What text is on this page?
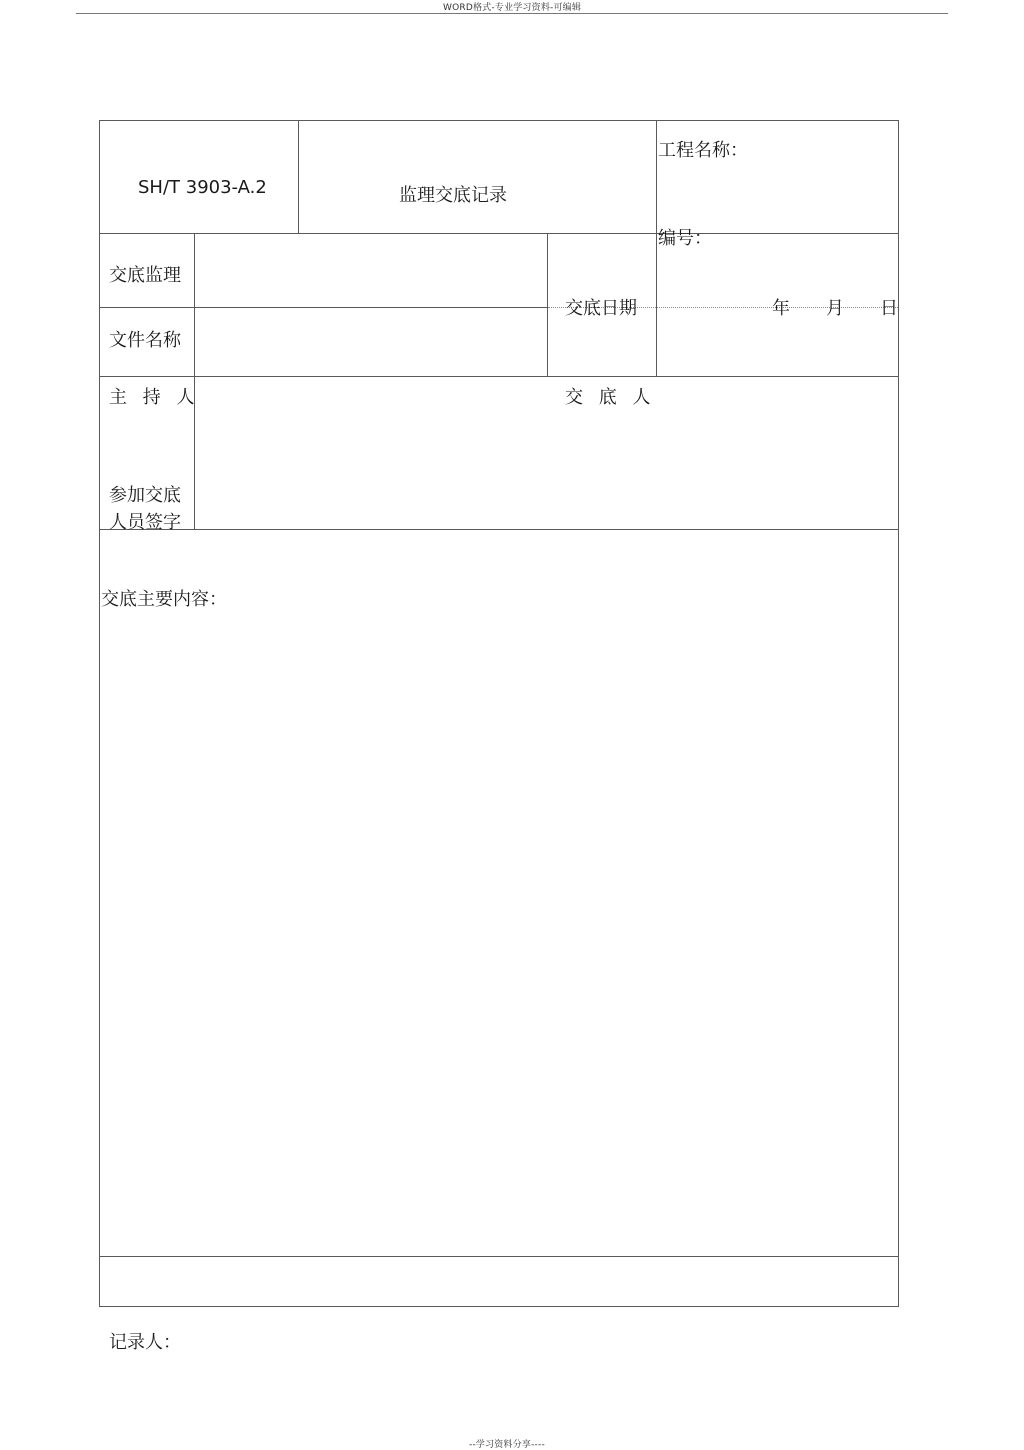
WORD格式-专业学习资料-可编辑
SH/T 3903-A.2	监理交底记录
工程名称：
编号：
交底监理
文件名称
交底日期	年 月 日
主 持 人	交 底 人
参加交底
人员签字
交底主要内容：
记录人：
--学习资料分享----
